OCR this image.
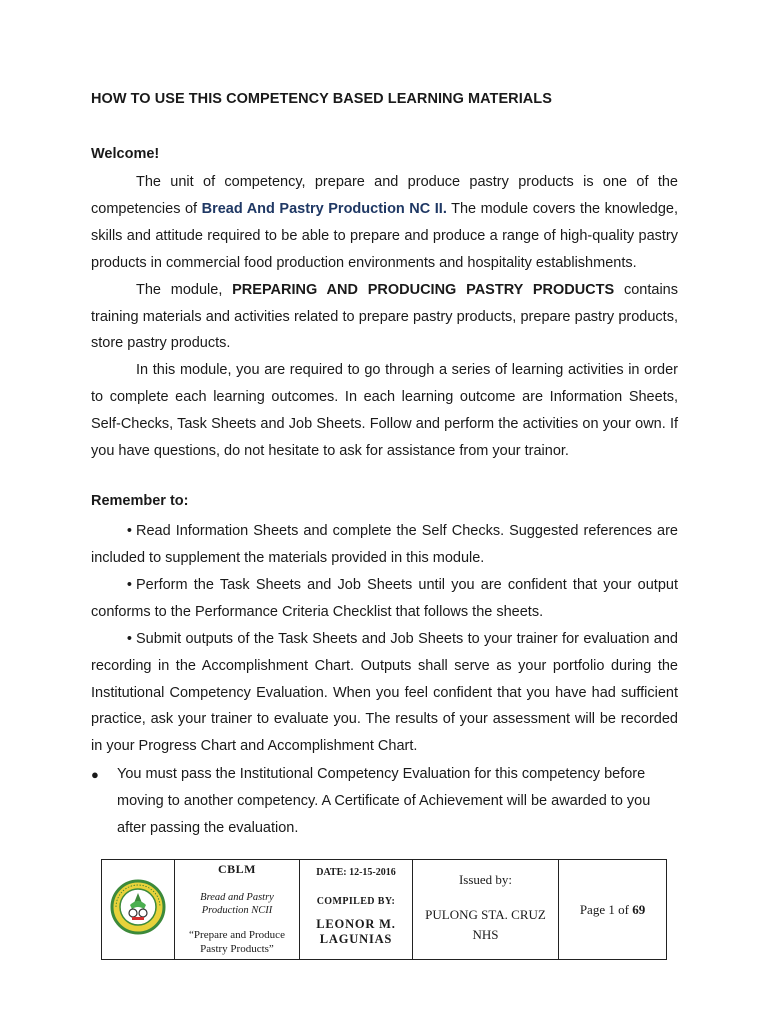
HOW TO USE THIS COMPETENCY BASED LEARNING MATERIALS
Welcome!
The unit of competency, prepare and produce pastry products is one of the competencies of Bread And Pastry Production NC II. The module covers the knowledge, skills and attitude required to be able to prepare and produce a range of high-quality pastry products in commercial food production environments and hospitality establishments.
The module, PREPARING AND PRODUCING PASTRY PRODUCTS contains training materials and activities related to prepare pastry products, prepare pastry products, store pastry products.
In this module, you are required to go through a series of learning activities in order to complete each learning outcomes. In each learning outcome are Information Sheets, Self-Checks, Task Sheets and Job Sheets. Follow and perform the activities on your own. If you have questions, do not hesitate to ask for assistance from your trainor.
Remember to:
• Read Information Sheets and complete the Self Checks. Suggested references are included to supplement the materials provided in this module.
• Perform the Task Sheets and Job Sheets until you are confident that your output conforms to the Performance Criteria Checklist that follows the sheets.
• Submit outputs of the Task Sheets and Job Sheets to your trainer for evaluation and recording in the Accomplishment Chart. Outputs shall serve as your portfolio during the Institutional Competency Evaluation. When you feel confident that you have had sufficient practice, ask your trainer to evaluate you. The results of your assessment will be recorded in your Progress Chart and Accomplishment Chart.
●	You must pass the Institutional Competency Evaluation for this competency before moving to another competency. A Certificate of Achievement will be awarded to you after passing the evaluation.

CBLM
Bread and Pastry Production NCII
“Prepare and Produce Pastry Products”

DATE: 12-15-2016
COMPILED BY:
LEONOR M. LAGUNIAS

Issued by:
PULONG STA. CRUZ NHS

Page 1 of 69
